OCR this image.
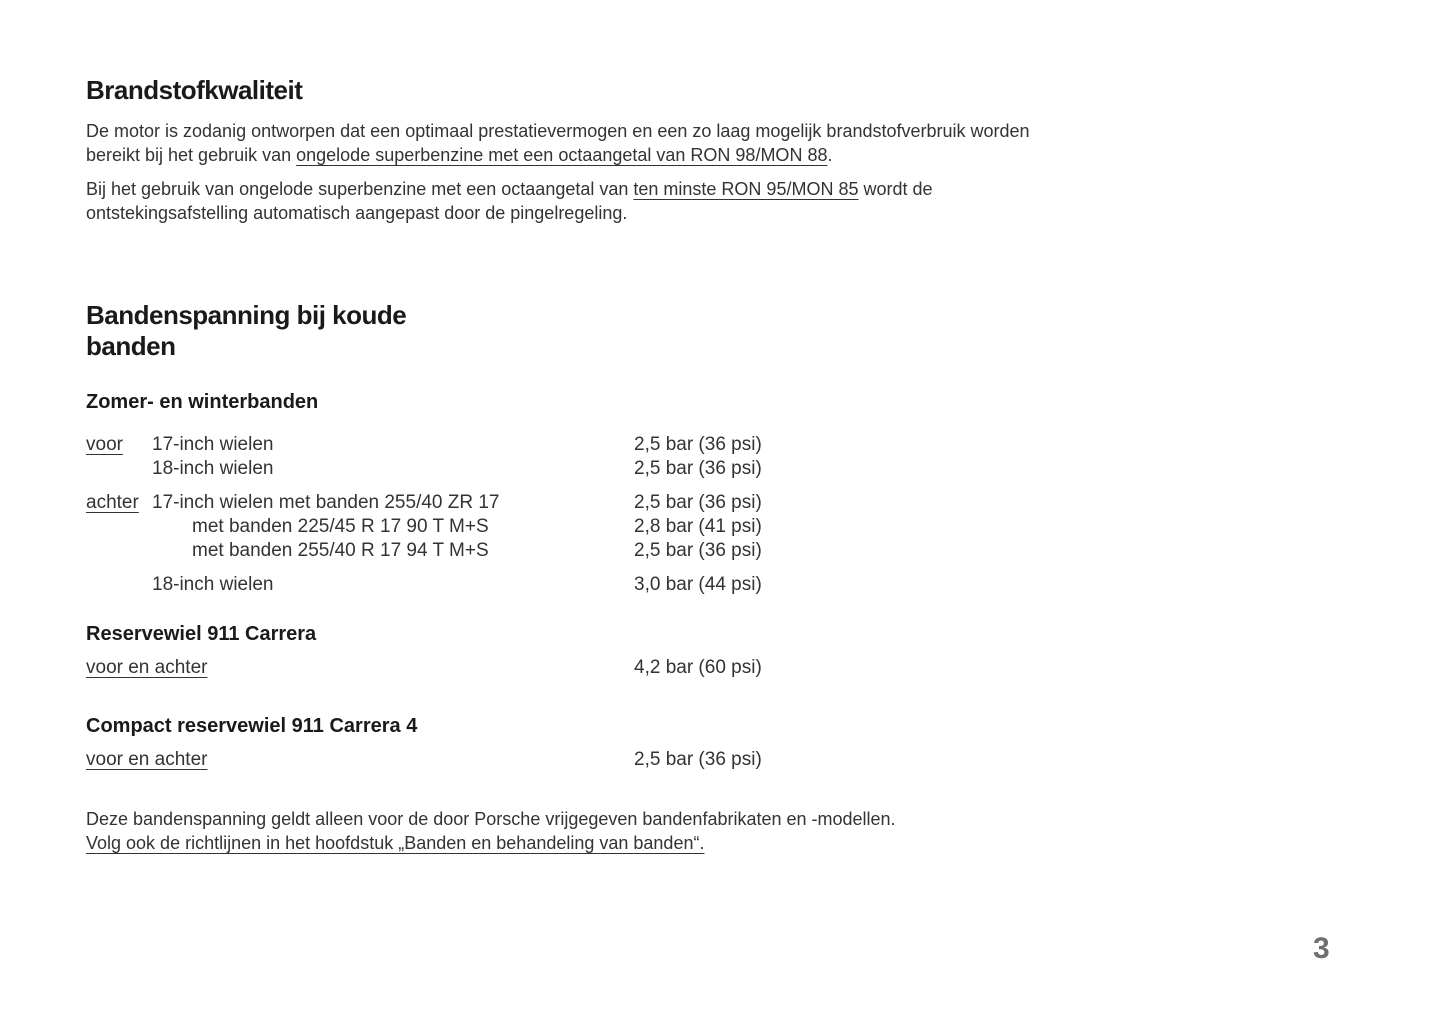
Brandstofkwaliteit

De motor is zodanig ontworpen dat een optimaal prestatievermogen en een zo laag mogelijk brandstofverbruik worden bereikt bij het gebruik van ongelode superbenzine met een octaangetal van RON 98/MON 88.

Bij het gebruik van ongelode superbenzine met een octaangetal van ten minste RON 95/MON 85 wordt de ontstekingsafstelling automatisch aangepast door de pingelregeling.

Bandenspanning bij koude banden
Zomer- en winterbanden
voor 17-inch wielen	2,5 bar (36 psi)
18-inch wielen	2,5 bar (36 psi)
achter 17-inch wielen met banden 255/40 ZR 17	2,5 bar (36 psi)
met banden 225/45 R 17 90 T M+S	2,8 bar (41 psi)
met banden 255/40 R 17 94 T M+S	2,5 bar (36 psi)
18-inch wielen	3,0 bar (44 psi)
Reservewiel 911 Carrera
voor en achter	4,2 bar (60 psi)
Compact reservewiel 911 Carrera 4
voor en achter	2,5 bar (36 psi)

Deze bandenspanning geldt alleen voor de door Porsche vrijgegeven bandenfabrikaten en -modellen.
Volg ook de richtlijnen in het hoofdstuk „Banden en behandeling van banden“.

3
